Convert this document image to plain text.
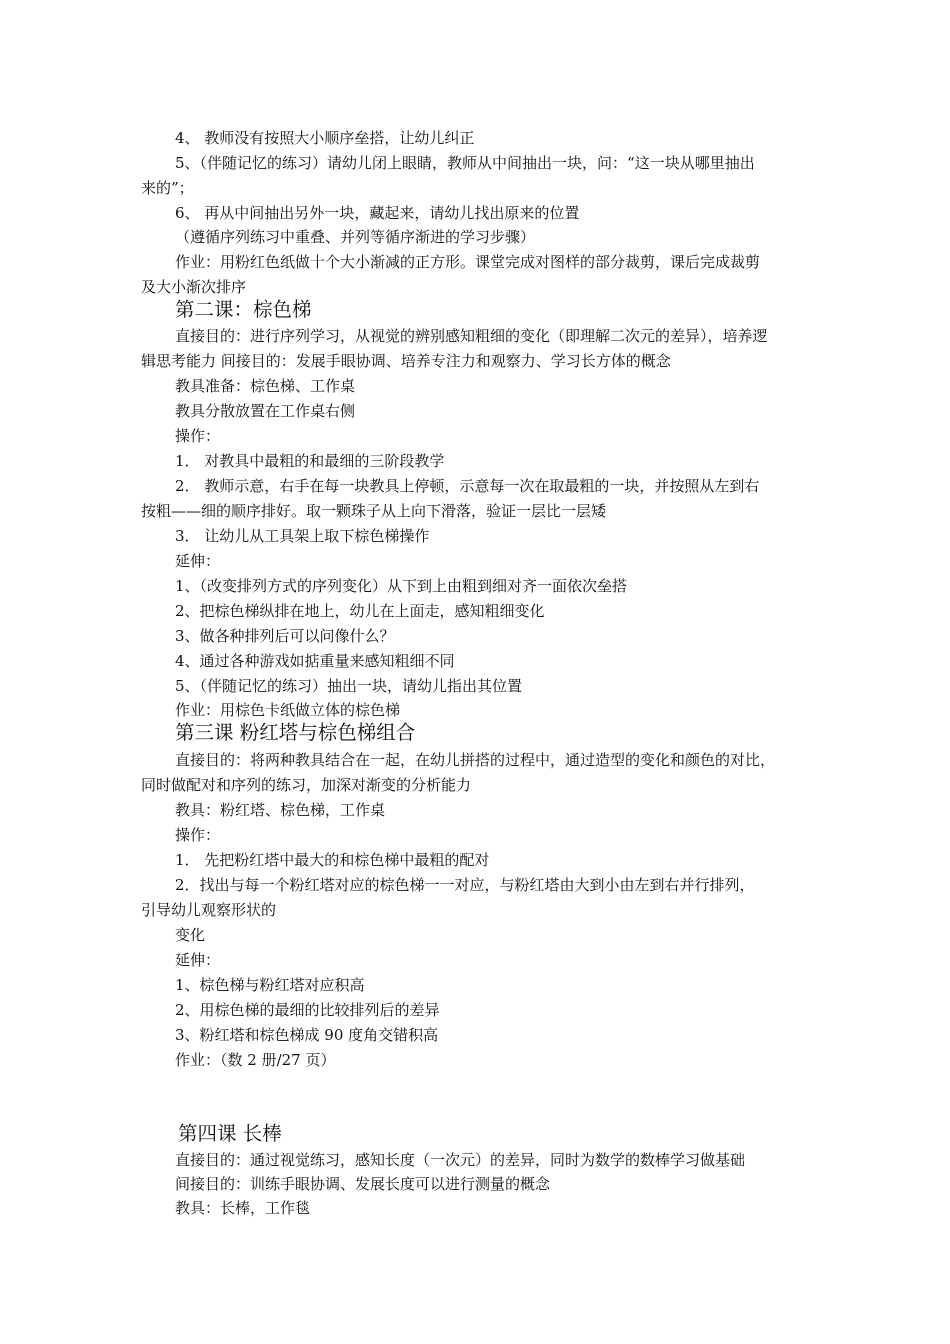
4、 教师没有按照大小顺序垒搭，让幼儿纠正
5、（伴随记忆的练习）请幼儿闭上眼睛，教师从中间抽出一块，问：“这一块从哪里抽出
来的”；
6、 再从中间抽出另外一块，藏起来，请幼儿找出原来的位置
（遵循序列练习中重叠、并列等循序渐进的学习步骤）
作业：用粉红色纸做十个大小渐减的正方形。课堂完成对图样的部分裁剪，课后完成裁剪
及大小渐次排序
第二课：棕色梯
直接目的：进行序列学习，从视觉的辨别感知粗细的变化（即理解二次元的差异），培养逻
辑思考能力 间接目的：发展手眼协调、培养专注力和观察力、学习长方体的概念
教具准备：棕色梯、工作桌
教具分散放置在工作桌右侧
操作：
1． 对教具中最粗的和最细的三阶段教学
2． 教师示意，右手在每一块教具上停顿，示意每一次在取最粗的一块，并按照从左到右
按粗——细的顺序排好。取一颗珠子从上向下滑落，验证一层比一层矮
3． 让幼儿从工具架上取下棕色梯操作
延伸：
1、（改变排列方式的序列变化）从下到上由粗到细对齐一面依次垒搭
2、把棕色梯纵排在地上，幼儿在上面走，感知粗细变化
3、做各种排列后可以问像什么？
4、通过各种游戏如掂重量来感知粗细不同
5、（伴随记忆的练习）抽出一块，请幼儿指出其位置
作业：用棕色卡纸做立体的棕色梯
第三课 粉红塔与棕色梯组合
直接目的：将两种教具结合在一起，在幼儿拼搭的过程中，通过造型的变化和颜色的对比，
同时做配对和序列的练习，加深对渐变的分析能力
教具：粉红塔、棕色梯，工作桌
操作：
1． 先把粉红塔中最大的和棕色梯中最粗的配对
2．找出与每一个粉红塔对应的棕色梯一一对应，与粉红塔由大到小由左到右并行排列，
引导幼儿观察形状的
变化
延伸：
1、棕色梯与粉红塔对应积高
2、用棕色梯的最细的比较排列后的差异
3、粉红塔和棕色梯成 90 度角交错积高
作业：（数 2 册/27 页）
第四课 长棒
直接目的：通过视觉练习，感知长度（一次元）的差异，同时为数学的数棒学习做基础
间接目的：训练手眼协调、发展长度可以进行测量的概念
教具：长棒，工作毯
